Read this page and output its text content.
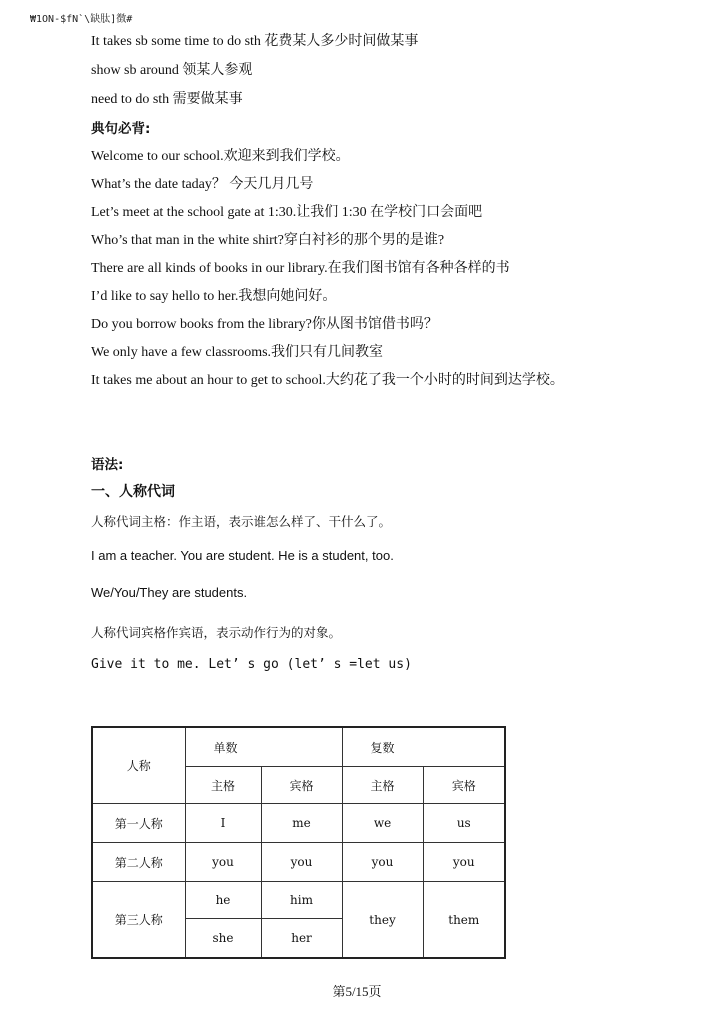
₩1ON-$fN`\缺肽]徴#
It takes sb some time to do sth 花费某人多少时间做某事
show sb around 领某人参观
need to do sth 需要做某事
典句必背:
Welcome to our school.欢迎来到我们学校。
What’s the date taday？ 今天几月几号
Let’s meet at the school gate at 1:30.让我们 1:30 在学校门口会面吧
Who’s that man in the white shirt?穿白衬衫的那个男的是谁?
There are all kinds of books in our library.在我们图书馆有各种各样的书
I’d like to say hello to her.我想向她问好。
Do you borrow books from the library?你从图书馆借书吗？
We only have a few classrooms.我们只有几间教室
It takes me about an hour to get to school.大约花了我一个小时的时间到达学校。
语法:
一、人称代词
人称代词主格：作主语，表示谁怎么样了、干什么了。
I am a teacher. You are student. He is a student, too.
We/You/They are students.
人称代词宾格作宾语，表示动作行为的对象。
Give it to me. Let’ s go (let’ s =let us)
人称	单数		复数	
	主格	宾格	主格	宾格
第一人称	I	me	we	us
第二人称	you	you	you	you
第三人称	he	him	they	them
	she	her		
第5/15页
